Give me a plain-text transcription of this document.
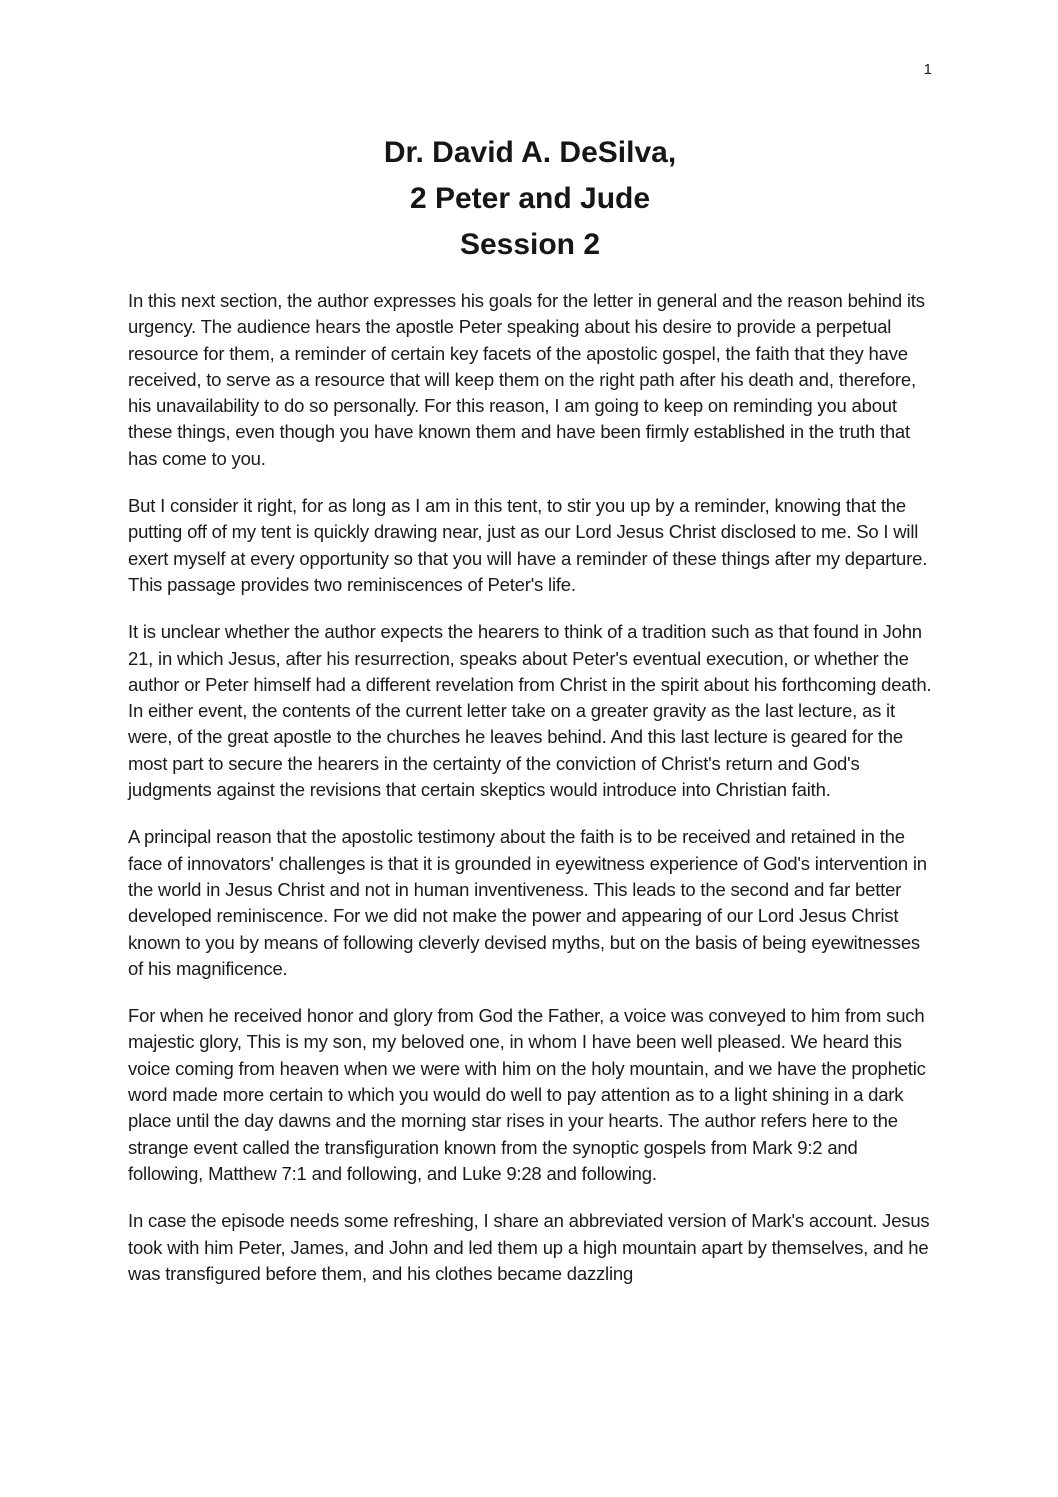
1
Dr. David A. DeSilva,
2 Peter and Jude
Session 2

In this next section, the author expresses his goals for the letter in general and the reason behind its urgency. The audience hears the apostle Peter speaking about his desire to provide a perpetual resource for them, a reminder of certain key facets of the apostolic gospel, the faith that they have received, to serve as a resource that will keep them on the right path after his death and, therefore, his unavailability to do so personally. For this reason, I am going to keep on reminding you about these things, even though you have known them and have been firmly established in the truth that has come to you.

But I consider it right, for as long as I am in this tent, to stir you up by a reminder, knowing that the putting off of my tent is quickly drawing near, just as our Lord Jesus Christ disclosed to me. So I will exert myself at every opportunity so that you will have a reminder of these things after my departure. This passage provides two reminiscences of Peter's life.

It is unclear whether the author expects the hearers to think of a tradition such as that found in John 21, in which Jesus, after his resurrection, speaks about Peter's eventual execution, or whether the author or Peter himself had a different revelation from Christ in the spirit about his forthcoming death. In either event, the contents of the current letter take on a greater gravity as the last lecture, as it were, of the great apostle to the churches he leaves behind. And this last lecture is geared for the most part to secure the hearers in the certainty of the conviction of Christ's return and God's judgments against the revisions that certain skeptics would introduce into Christian faith.

A principal reason that the apostolic testimony about the faith is to be received and retained in the face of innovators' challenges is that it is grounded in eyewitness experience of God's intervention in the world in Jesus Christ and not in human inventiveness. This leads to the second and far better developed reminiscence. For we did not make the power and appearing of our Lord Jesus Christ known to you by means of following cleverly devised myths, but on the basis of being eyewitnesses of his magnificence.

For when he received honor and glory from God the Father, a voice was conveyed to him from such majestic glory, This is my son, my beloved one, in whom I have been well pleased. We heard this voice coming from heaven when we were with him on the holy mountain, and we have the prophetic word made more certain to which you would do well to pay attention as to a light shining in a dark place until the day dawns and the morning star rises in your hearts. The author refers here to the strange event called the transfiguration known from the synoptic gospels from Mark 9:2 and following, Matthew 7:1 and following, and Luke 9:28 and following.

In case the episode needs some refreshing, I share an abbreviated version of Mark's account. Jesus took with him Peter, James, and John and led them up a high mountain apart by themselves, and he was transfigured before them, and his clothes became dazzling
